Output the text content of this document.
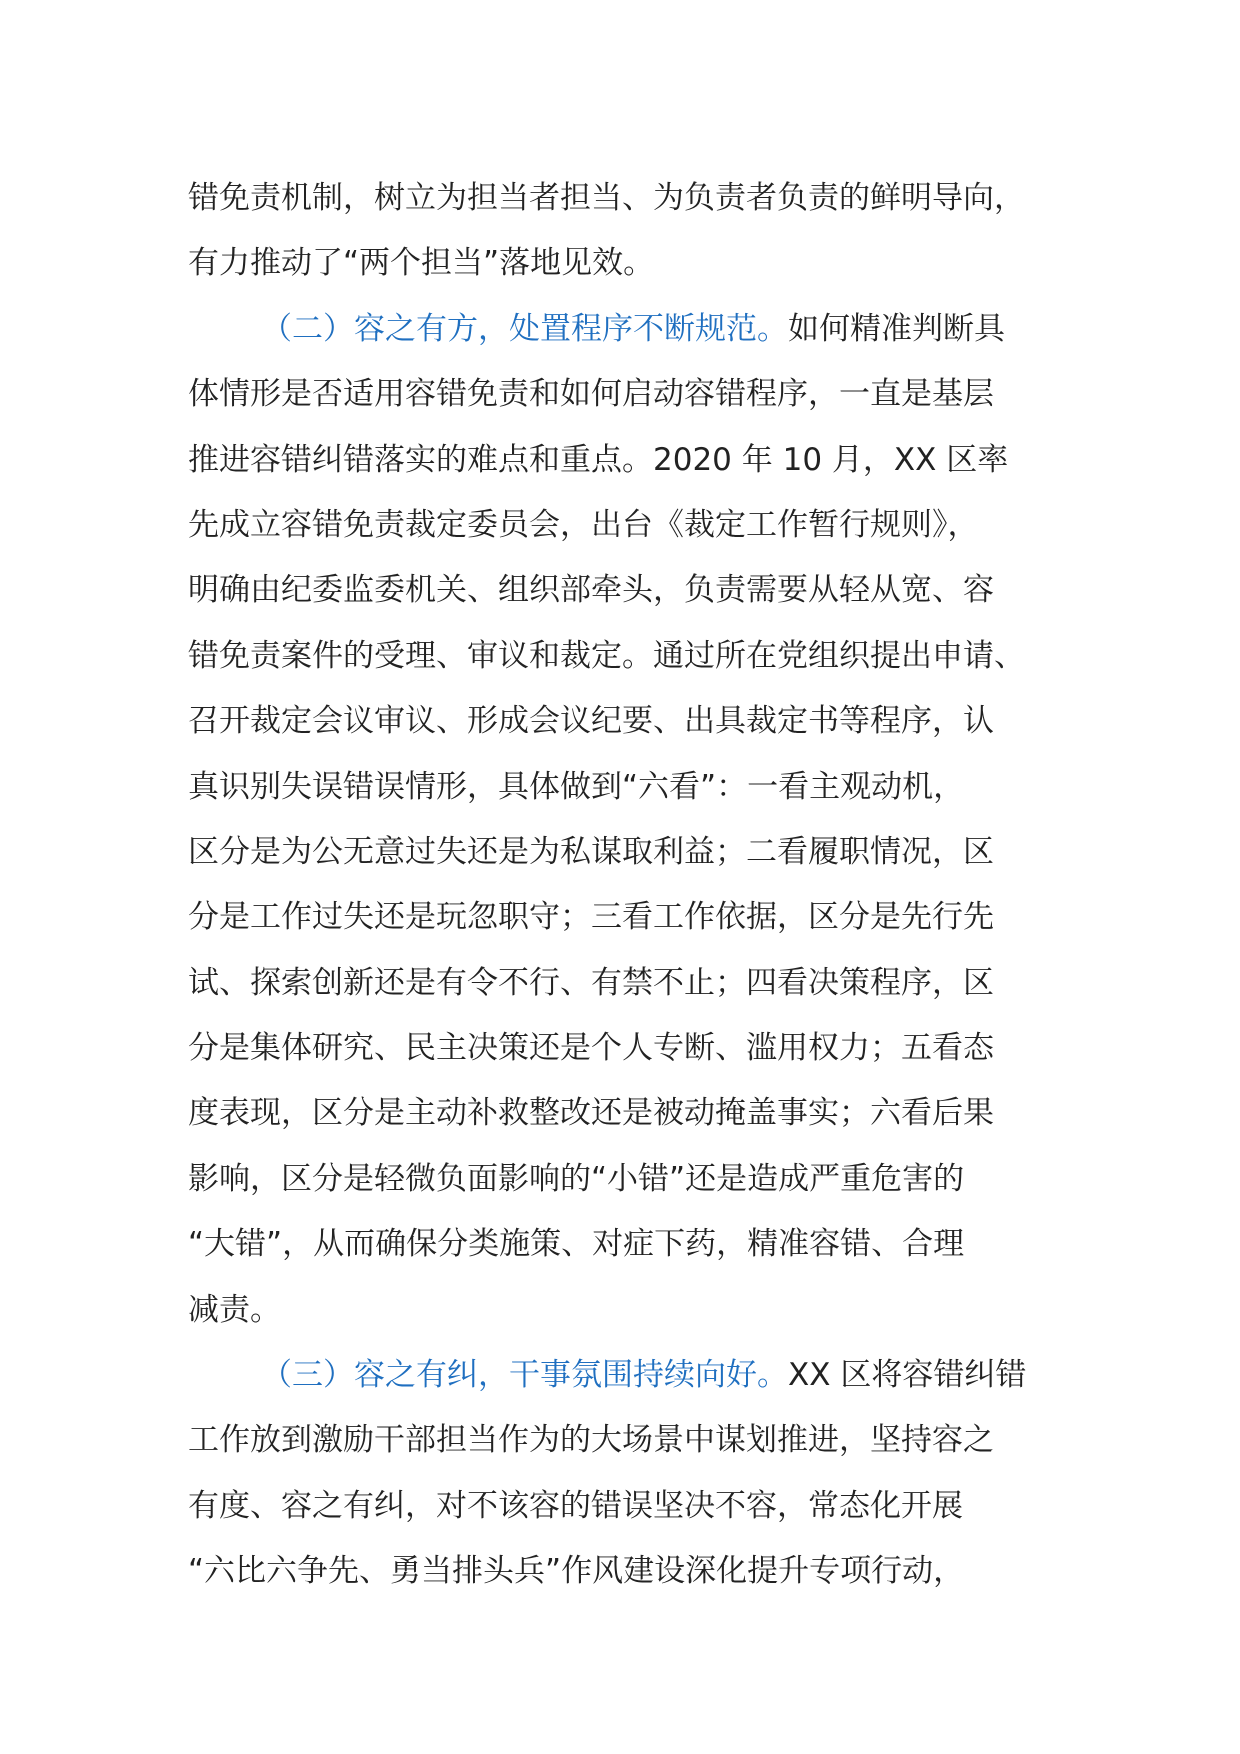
错免责机制，树立为担当者担当、为负责者负责的鲜明导向，
有力推动了“两个担当”落地见效。
（二）容之有方，处置程序不断规范。如何精准判断具
体情形是否适用容错免责和如何启动容错程序，一直是基层
推进容错纠错落实的难点和重点。2020 年 10 月，XX 区率
先成立容错免责裁定委员会，出台《裁定工作暂行规则》，
明确由纪委监委机关、组织部牵头，负责需要从轻从宽、容
错免责案件的受理、审议和裁定。通过所在党组织提出申请、
召开裁定会议审议、形成会议纪要、出具裁定书等程序，认
真识别失误错误情形，具体做到“六看”：一看主观动机，
区分是为公无意过失还是为私谋取利益；二看履职情况，区
分是工作过失还是玩忽职守；三看工作依据，区分是先行先
试、探索创新还是有令不行、有禁不止；四看决策程序，区
分是集体研究、民主决策还是个人专断、滥用权力；五看态
度表现，区分是主动补救整改还是被动掩盖事实；六看后果
影响，区分是轻微负面影响的“小错”还是造成严重危害的
“大错”，从而确保分类施策、对症下药，精准容错、合理
减责。
（三）容之有纠，干事氛围持续向好。XX 区将容错纠错
工作放到激励干部担当作为的大场景中谋划推进，坚持容之
有度、容之有纠，对不该容的错误坚决不容，常态化开展
“六比六争先、勇当排头兵”作风建设深化提升专项行动，
